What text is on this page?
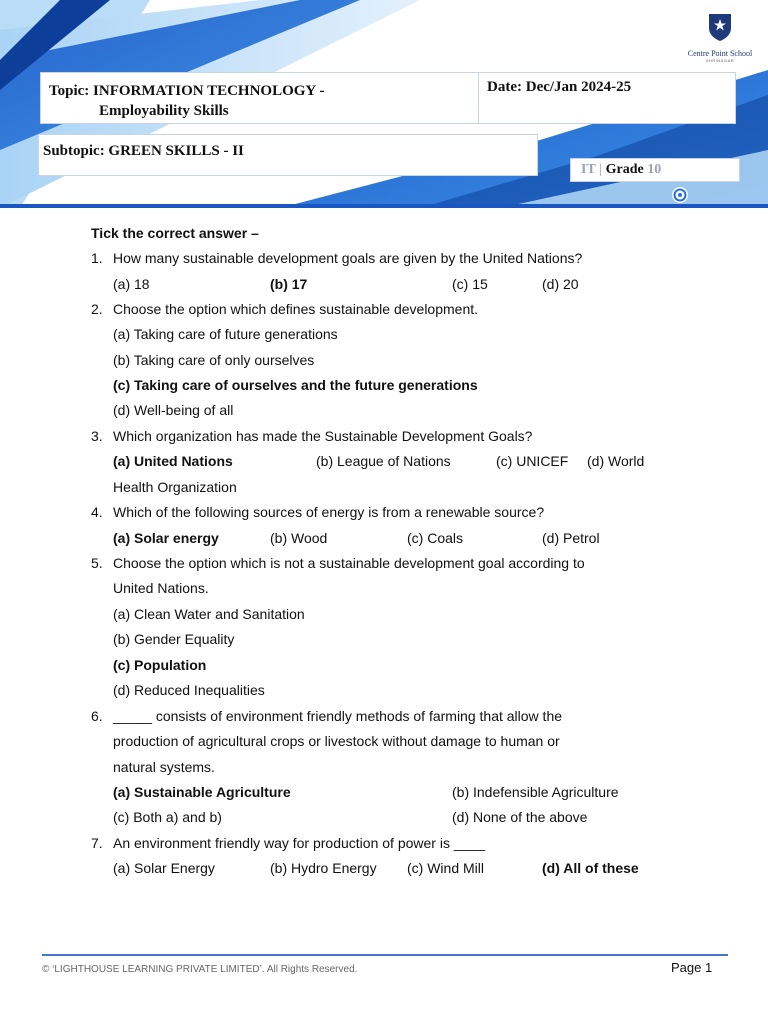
Centre Point School
SHRINAGAR
Topic: INFORMATION TECHNOLOGY -
Employability Skills
Date: Dec/Jan 2024-25
Subtopic: GREEN SKILLS - II
IT | Grade 10
Tick the correct answer –
1. How many sustainable development goals are given by the United Nations?
(a) 18	(b) 17	(c) 15	(d) 20
2. Choose the option which defines sustainable development.
(a) Taking care of future generations
(b) Taking care of only ourselves
(c) Taking care of ourselves and the future generations
(d) Well-being of all
3. Which organization has made the Sustainable Development Goals?
(a) United Nations	(b) League of Nations	(c) UNICEF (d) World
Health Organization
4. Which of the following sources of energy is from a renewable source?
(a) Solar energy	(b) Wood	(c) Coals	(d) Petrol
5. Choose the option which is not a sustainable development goal according to
United Nations.
(a) Clean Water and Sanitation
(b) Gender Equality
(c) Population
(d) Reduced Inequalities
6. _____ consists of environment friendly methods of farming that allow the
production of agricultural crops or livestock without damage to human or
natural systems.
(a) Sustainable Agriculture	(b) Indefensible Agriculture
(c) Both a) and b)	(d) None of the above
7. An environment friendly way for production of power is ____
(a) Solar Energy	(b) Hydro Energy (c) Wind Mill	(d) All of these
© ‘LIGHTHOUSE LEARNING PRIVATE LIMITED’. All Rights Reserved.	Page 1
